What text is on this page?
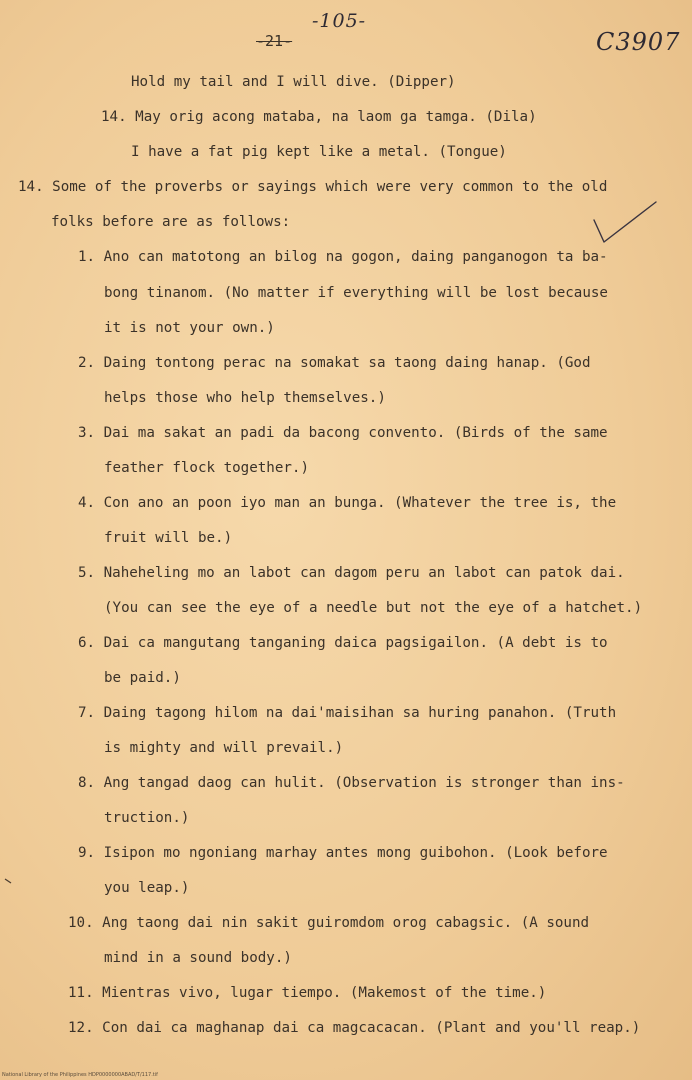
-105-
-21-	C3907
Hold my tail and I will dive. (Dipper)
14. May orig acong mataba, na laom ga tamga. (Dila)
I have a fat pig kept like a metal. (Tongue)
14. Some of the proverbs or sayings which were very common to the old
folks before are as follows:
1. Ano can matotong an bilog na gogon, daing panganogon ta ba-
bong tinanom. (No matter if everything will be lost because
it is not your own.)
2. Daing tontong perac na somakat sa taong daing hanap. (God
helps those who help themselves.)
3. Dai ma sakat an padi da bacong convento. (Birds of the same
feather flock together.)
4. Con ano an poon iyo man an bunga. (Whatever the tree is, the
fruit will be.)
5. Naheheling mo an labot can dagom peru an labot can patok dai.
(You can see the eye of a needle but not the eye of a hatchet.)
6. Dai ca mangutang tanganing daica pagsigailon. (A debt is to
be paid.)
7. Daing tagong hilom na dai'maisihan sa huring panahon. (Truth
is mighty and will prevail.)
8. Ang tangad daog can hulit. (Observation is stronger than ins-
truction.)
9. Isipon mo ngoniang marhay antes mong guibohon. (Look before
you leap.)
10. Ang taong dai nin sakit guiromdom orog cabagsic. (A sound
mind in a sound body.)
11. Mientras vivo, lugar tiempo. (Makemost of the time.)
12. Con dai ca maghanap dai ca magcacacan. (Plant and you'll reap.)
National Library of the Philippines HDP0000000ABAD/T/117.tif
